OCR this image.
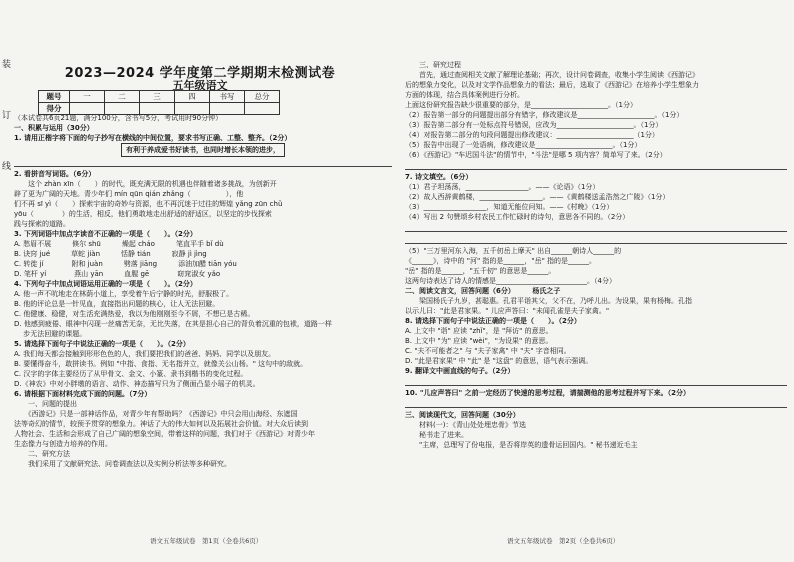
装
订
线
2023—2024 学年度第二学期期末检测试卷
五年级语文
题号	一	二	三	四	书写	总分
得分						

（本试卷共6页21题，满分100分，含书写5分，考试用时90分钟）

一、积累与运用（30分）

1. 请用正楷字将下面的句子抄写在横线的中间位置，要求书写正确、工整、整齐。（2分）

有利于养成爱书好读书，也同时增长本领的进步，

2. 看拼音写词语。（6分）

　　这个 zhàn xīn（　　）的时代，既充满无限的机遇也伴随着诸多挑战，为创新开

辟了更为广阔的天地。青少年们 mín qūn qián zhǎng（　　　　　），他

们不再 sī yì（　　）探索宇宙的奇妙与资源，也不再沉迷于过往的辉煌 yǎng zūn chǔ

yōu（　　　　）的生活，相反，他们勇敢地走出舒适的舒适区，以坚定的步伐探索

践与探索的道路。

3. 下列词语中加点字读音不正确的一项是（　　）。（2分）

A. 愁眉不展　　　倏尔 shū　　　燥起 cháo　　　笔直平手 bǐ dù

B. 诀窍 jué　　　草蛇 jiàn　　　恬静 tián　　　寂静 jì jìng

C. 转徙 jí　　　　附和 juàn　　　劈落 jiāng　　　添油加醋 tiān yóu

D. 笔杆 yí　　　　燕山 yān　　　血腥 gē　　　　窈窕淑女 yǎo

4. 下列句子中加点词语运用正确的一项是（　　）。（2分）

A. 他一声不吭地走在林荫小道上，享受着午后宁静的时光，舒服极了。

B. 他的评论总是一针见血，直接指出问题的核心，让人无法回避。

C. 他健康、稳健，对生活充满热爱，我以为他刚刚至今不屑，不想已是古稀。

D. 他感到疲倦、眼神中闪现一丝痛苦无奈，无比失落，在其是担心自己的背负着沉重的包袱，道路一样

　 步无法回避的课题。

5. 请选择下面句子中说法正确的一项是（　　）。（2分）

A. 我们每天都会接触到形形色色的人，我们要把我们的爸爸、妈妈、同学以及朋友。

B. 要懂得奋斗，敢拼读书。例如 "中指、食指、无名指并立，就像关公山杨。" 这句中的敌就。

C. 汉字的字体主要经历了从甲骨文、金文、小篆、隶书到楷书的变化过程。

D.《神农》中对小胖墩的语言、动作、神态描写只为了侧面凸显小瑶子的机灵。

6. 请根据下面材料完成下面的问题。（7分）

　　一、问题的提出

　　《西游记》只是一部神话作品，对青少年有帮助吗？《西游记》中只会用山海经、东遮国

法等奇幻的情节，较预予贯穿的想象力。神话了大的伟大如何以及拓展社会价值。对大众后读到

人物社会、生活和会形成了自己广阔的想象空间，带着这样的问题，我们对于《西游记》对青少年

生态像力与创造力培养的作用。

　　二、研究方法

　　我们采用了文献研究法、问卷调查法以及实例分析法等多种研究。

语文五年级试卷　第1页（全卷共6页）

　　三、研究过程

　　首先，通过查阅相关文献了解理论基础；再次，设计问卷调查，收集小学生阅读《西游记》

后的想象力变化，以及对文学作品想象力的看法；最后，选取了《西游记》在培养小学生想象力

方面的体现，结合具体案例进行分析。

上面这份研究报告缺少很重要的部分，是______________________。（1分）

（2）报告第一部分的问题提出部分有错字，修改建议是______________________。（1分）

（3）报告第二部分有一处标点符号错误，应改为______________________。（1分）

（4）对报告第二部分的句段问题提出修改建议：______________________（1分）

（5）报告中出现了一处语病，修改建议是______________________。（1分）

（6）《西游记》"车迟国斗法"的情节中，"斗法"是哪 5 项内容？简单写了来。（2分）

7. 诗文填空。（6分）

（1）君子坦荡荡，__________________。——《论语》（1分）

（2）故人西辞黄鹤楼，__________________。——《黄鹤楼送孟浩然之广陵》（1分）

（3）__________________，知道无能位问知。——《村晚》（1分）

（4）写出 2 句赞颂乡村农民工作忙碌时的诗句，意思各不同的。（2分）

（5）"三万里河东入海，五千仞岳上摩天" 出自______朝诗人______的

《______》，诗中的 "河" 指的是______，"岳" 指的是______。

"岳" 指的是______，"五千仞" 的意思是______。

这两句诗表达了诗人的情感是__________________________。（4分）

二、阅读文言文，回答问题（6分）　　　杨氏之子

　　梁国杨氏子九岁，甚聪惠。孔君平诣其父，父不在，乃呼儿出。为设果，果有杨梅。孔指

以示儿曰："此是君家果。" 儿应声答曰："未闻孔雀是夫子家禽。"

8. 请选择下面句子中说法正确的一项是（　　）。（2分）

A. 上文中 "诣" 应读 "zhǐ"，是 "拜访" 的意思。

B. 上文中 "为" 应读 "wèi"，"为设果" 的意思。

C. "夫不可能者之" 与 "夫子家禽" 中 "夫" 字音相同。

D. "此是君家果" 中 "此" 是 "这盘" 的意思，语气表示强调。

9. 翻译文中画直线的句子。（2分）

10. "儿应声答曰" 之前一定经历了快速的思考过程，请揣测他的思考过程并写下来。（2分）

三、阅读现代文，回答问题（30分）

　　材料(一)：《青山处处埋忠骨》节选

　　秘书走了进来。

　　"主席，总理写了份电报，是否将岸英的遗骨运回国内。" 秘书递近毛主

语文五年级试卷　第2页（全卷共6页）
